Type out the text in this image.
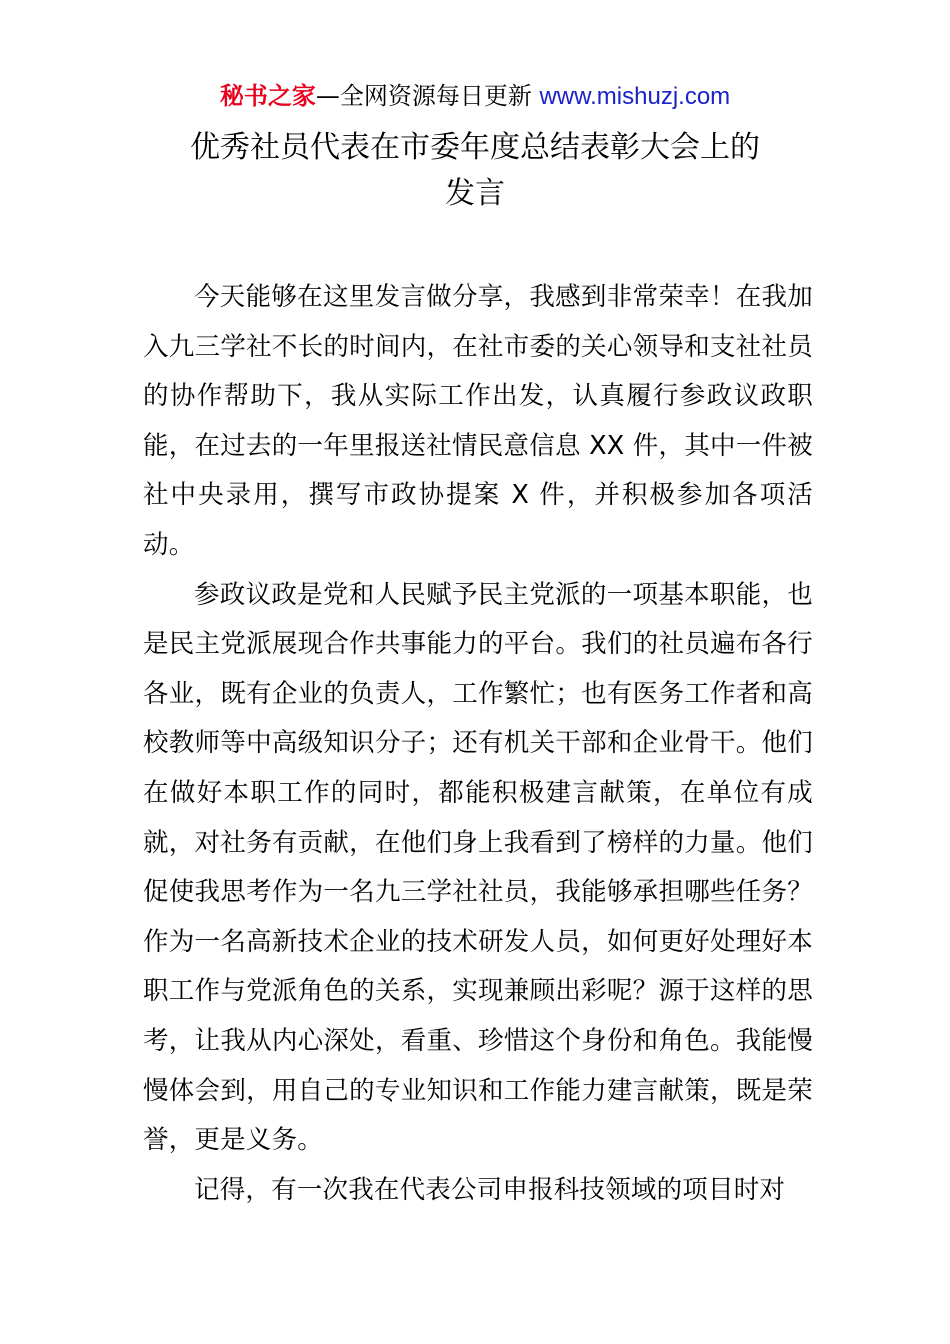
秘书之家—全网资源每日更新 www.mishuzj.com
优秀社员代表在市委年度总结表彰大会上的
发言

今天能够在这里发言做分享，我感到非常荣幸！在我加入九三学社不长的时间内，在社市委的关心领导和支社社员的协作帮助下，我从实际工作出发，认真履行参政议政职能，在过去的一年里报送社情民意信息 XX 件，其中一件被社中央录用，撰写市政协提案 X 件，并积极参加各项活动。

参政议政是党和人民赋予民主党派的一项基本职能，也是民主党派展现合作共事能力的平台。我们的社员遍布各行各业，既有企业的负责人，工作繁忙；也有医务工作者和高校教师等中高级知识分子；还有机关干部和企业骨干。他们在做好本职工作的同时，都能积极建言献策，在单位有成就，对社务有贡献，在他们身上我看到了榜样的力量。他们促使我思考作为一名九三学社社员，我能够承担哪些任务？作为一名高新技术企业的技术研发人员，如何更好处理好本职工作与党派角色的关系，实现兼顾出彩呢？源于这样的思考，让我从内心深处，看重、珍惜这个身份和角色。我能慢慢体会到，用自己的专业知识和工作能力建言献策，既是荣誉，更是义务。

记得，有一次我在代表公司申报科技领域的项目时对
